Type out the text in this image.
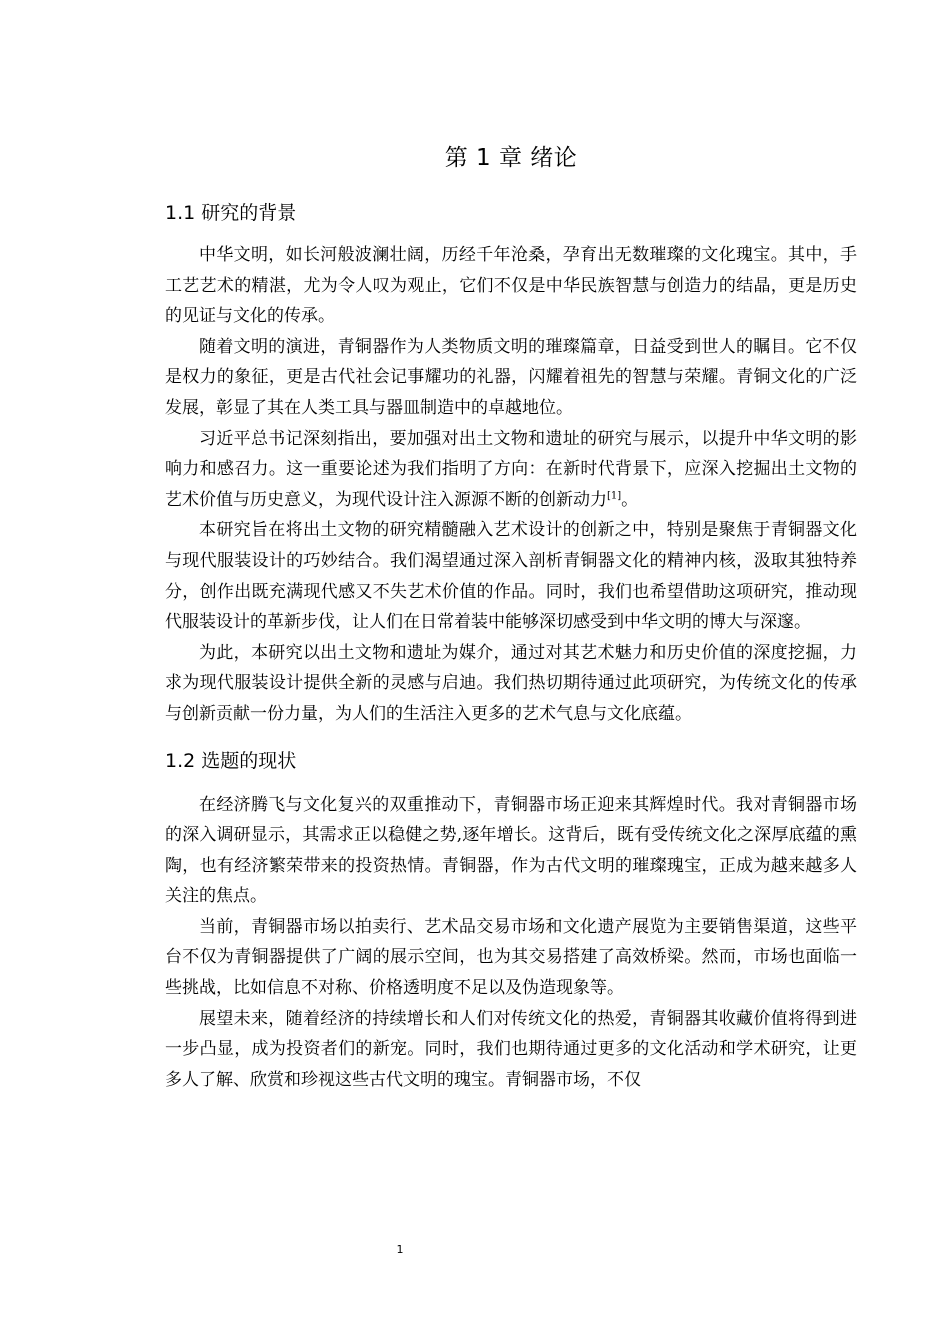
第 1 章 绪论
1.1 研究的背景

中华文明，如长河般波澜壮阔，历经千年沧桑，孕育出无数璀璨的文化瑰宝。其中，手工艺艺术的精湛，尤为令人叹为观止，它们不仅是中华民族智慧与创造力的结晶，更是历史的见证与文化的传承。

随着文明的演进，青铜器作为人类物质文明的璀璨篇章，日益受到世人的瞩目。它不仅是权力的象征，更是古代社会记事耀功的礼器，闪耀着祖先的智慧与荣耀。青铜文化的广泛发展，彰显了其在人类工具与器皿制造中的卓越地位。

习近平总书记深刻指出，要加强对出土文物和遗址的研究与展示，以提升中华文明的影响力和感召力。这一重要论述为我们指明了方向：在新时代背景下，应深入挖掘出土文物的艺术价值与历史意义，为现代设计注入源源不断的创新动力[1]。

本研究旨在将出土文物的研究精髓融入艺术设计的创新之中，特别是聚焦于青铜器文化与现代服装设计的巧妙结合。我们渴望通过深入剖析青铜器文化的精神内核，汲取其独特养分，创作出既充满现代感又不失艺术价值的作品。同时，我们也希望借助这项研究，推动现代服装设计的革新步伐，让人们在日常着装中能够深切感受到中华文明的博大与深邃。

为此，本研究以出土文物和遗址为媒介，通过对其艺术魅力和历史价值的深度挖掘，力求为现代服装设计提供全新的灵感与启迪。我们热切期待通过此项研究，为传统文化的传承与创新贡献一份力量，为人们的生活注入更多的艺术气息与文化底蕴。

1.2 选题的现状

在经济腾飞与文化复兴的双重推动下，青铜器市场正迎来其辉煌时代。我对青铜器市场的深入调研显示，其需求正以稳健之势,逐年增长。这背后，既有受传统文化之深厚底蕴的熏陶，也有经济繁荣带来的投资热情。青铜器，作为古代文明的璀璨瑰宝，正成为越来越多人关注的焦点。

当前，青铜器市场以拍卖行、艺术品交易市场和文化遗产展览为主要销售渠道，这些平台不仅为青铜器提供了广阔的展示空间，也为其交易搭建了高效桥梁。然而，市场也面临一些挑战，比如信息不对称、价格透明度不足以及伪造现象等。

展望未来，随着经济的持续增长和人们对传统文化的热爱，青铜器其收藏价值将得到进一步凸显，成为投资者们的新宠。同时，我们也期待通过更多的文化活动和学术研究，让更多人了解、欣赏和珍视这些古代文明的瑰宝。青铜器市场，不仅

1
